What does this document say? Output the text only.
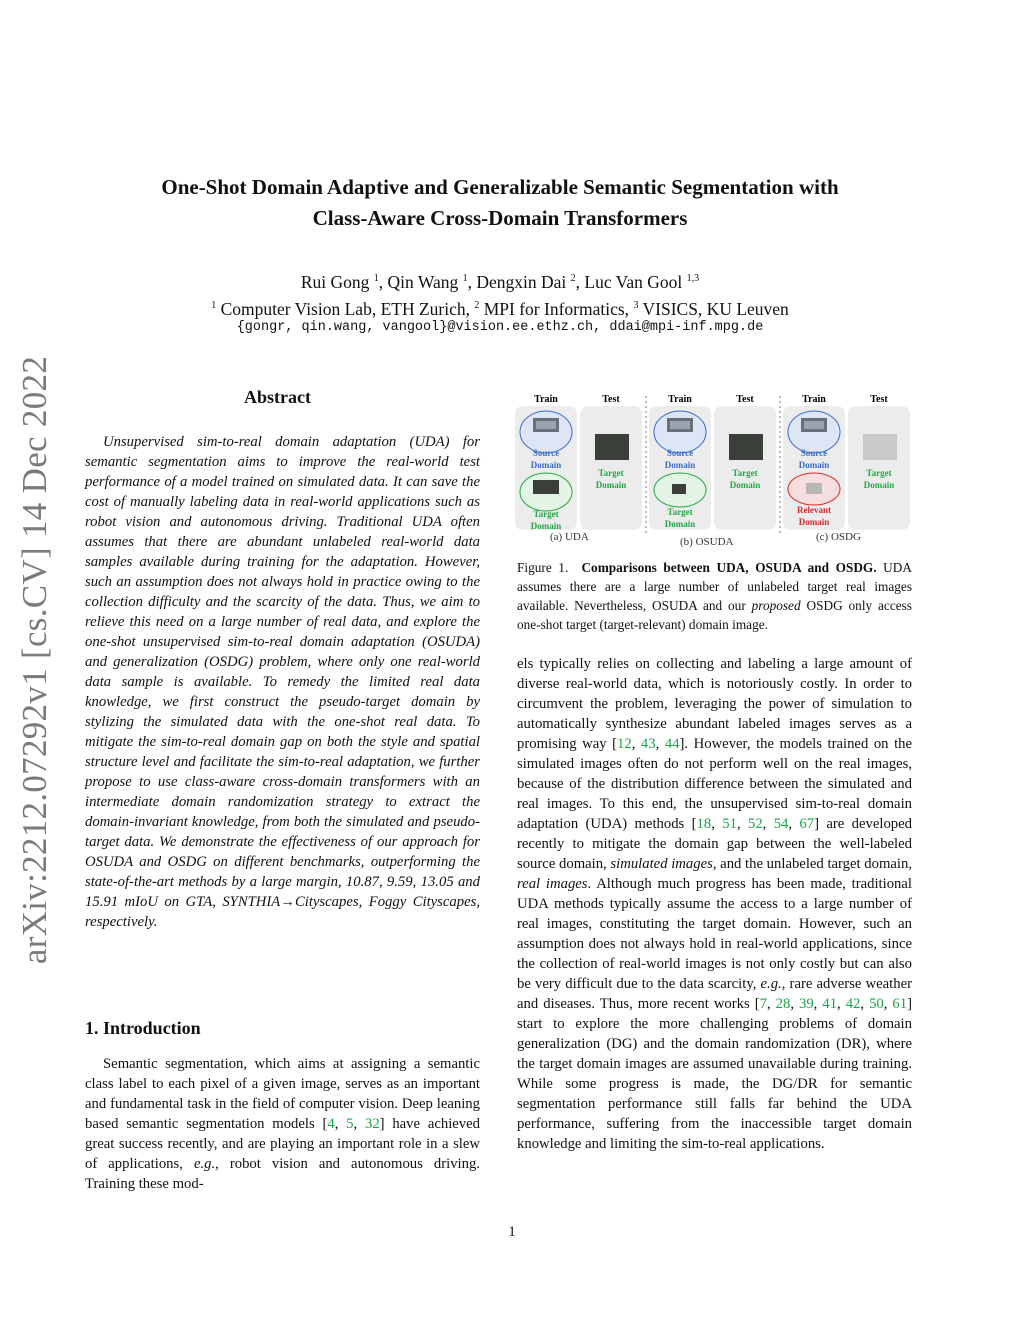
arXiv:2212.07292v1 [cs.CV] 14 Dec 2022
One-Shot Domain Adaptive and Generalizable Semantic Segmentation with
Class-Aware Cross-Domain Transformers
Rui Gong $^1$, Qin Wang $^1$, Dengxin Dai $^2$, Luc Van Gool $^{1,3}$
$^1$ Computer Vision Lab, ETH Zurich, $^2$ MPI for Informatics, $^3$ VISICS, KU Leuven
{gongr, qin.wang, vangool}@vision.ee.ethz.ch, ddai@mpi-inf.mpg.de
Abstract

Unsupervised sim-to-real domain adaptation (UDA) for semantic segmentation aims to improve the real-world test performance of a model trained on simulated data. It can save the cost of manually labeling data in real-world applications such as robot vision and autonomous driving. Traditional UDA often assumes that there are abundant unlabeled real-world data samples available during training for the adaptation. However, such an assumption does not always hold in practice owing to the collection difficulty and the scarcity of the data. Thus, we aim to relieve this need on a large number of real data, and explore the one-shot unsupervised sim-to-real domain adaptation (OSUDA) and generalization (OSDG) problem, where only one real-world data sample is available. To remedy the limited real data knowledge, we first construct the pseudo-target domain by stylizing the simulated data with the one-shot real data. To mitigate the sim-to-real domain gap on both the style and spatial structure level and facilitate the sim-to-real adaptation, we further propose to use class-aware cross-domain transformers with an intermediate domain randomization strategy to extract the domain-invariant knowledge, from both the simulated and pseudo-target data. We demonstrate the effectiveness of our approach for OSUDA and OSDG on different benchmarks, outperforming the state-of-the-art methods by a large margin, 10.87, 9.59, 13.05 and 15.91 mIoU on GTA, SYNTHIA→Cityscapes, Foggy Cityscapes, respectively.

1. Introduction

Semantic segmentation, which aims at assigning a semantic class label to each pixel of a given image, serves as an important and fundamental task in the field of computer vision. Deep leaning based semantic segmentation models [4, 5, 32] have achieved great success recently, and are playing an important role in a slew of applications, e.g., robot vision and autonomous driving. Training these mod-

Train	Test	Train	Test	Train	Test
Source
Domain
Target
Domain
Target
Domain
Source
Domain
Target
Domain
Target
Domain
Source
Domain
Relevant
Domain
Target
Domain
(a) UDA	(b) OSUDA	(c) OSDG
Figure 1. Comparisons between UDA, OSUDA and OSDG. UDA assumes there are a large number of unlabeled target real images available. Nevertheless, OSUDA and our proposed OSDG only access one-shot target (target-relevant) domain image.

els typically relies on collecting and labeling a large amount of diverse real-world data, which is notoriously costly. In order to circumvent the problem, leveraging the power of simulation to automatically synthesize abundant labeled images serves as a promising way [12, 43, 44]. However, the models trained on the simulated images often do not perform well on the real images, because of the distribution difference between the simulated and real images. To this end, the unsupervised sim-to-real domain adaptation (UDA) methods [18, 51, 52, 54, 67] are developed recently to mitigate the domain gap between the well-labeled source domain, simulated images, and the unlabeled target domain, real images. Although much progress has been made, traditional UDA methods typically assume the access to a large number of real images, constituting the target domain. However, such an assumption does not always hold in real-world applications, since the collection of real-world images is not only costly but can also be very difficult due to the data scarcity, e.g., rare adverse weather and diseases. Thus, more recent works [7, 28, 39, 41, 42, 50, 61] start to explore the more challenging problems of domain generalization (DG) and the domain randomization (DR), where the target domain images are assumed unavailable during training. While some progress is made, the DG/DR for semantic segmentation performance still falls far behind the UDA performance, suffering from the inaccessible target domain knowledge and limiting the sim-to-real applications.

1
